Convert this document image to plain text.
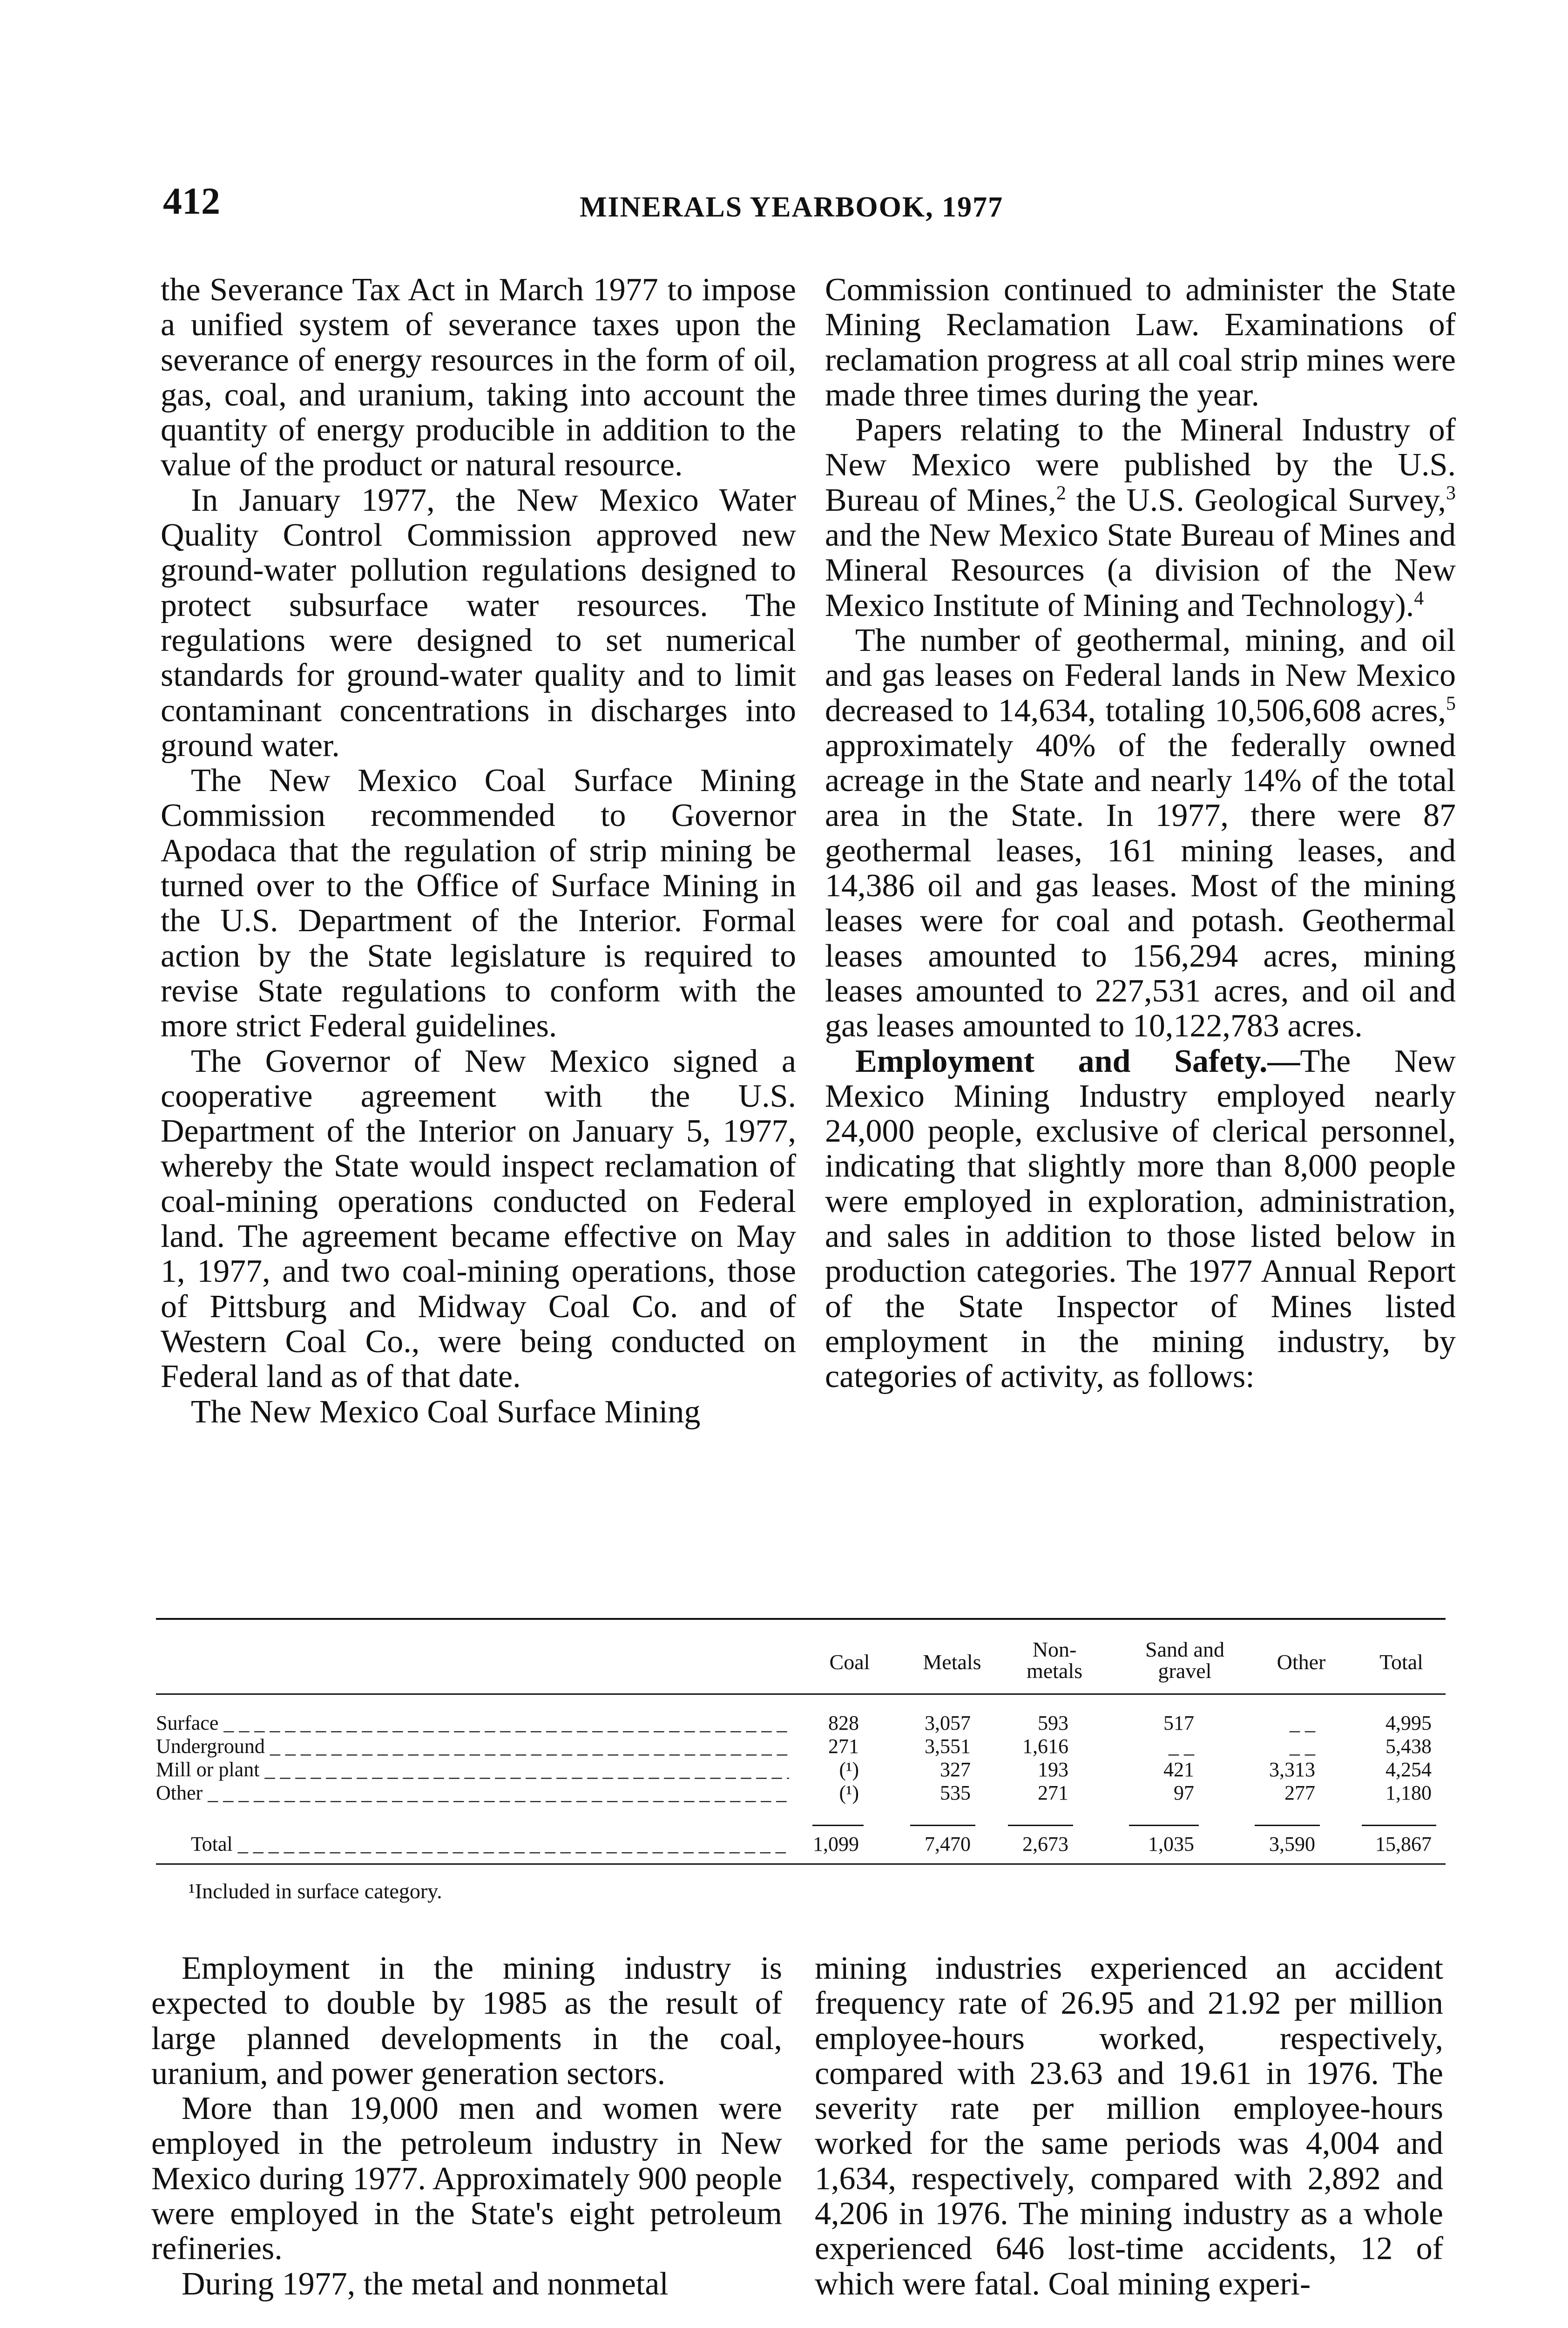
412	MINERALS YEARBOOK, 1977

the Severance Tax Act in March 1977 to impose a unified system of severance taxes upon the severance of energy resources in the form of oil, gas, coal, and uranium, taking into account the quantity of energy producible in addition to the value of the product or natural resource.

In January 1977, the New Mexico Water Quality Control Commission approved new ground-water pollution regulations designed to protect subsurface water resources. The regulations were designed to set numerical standards for ground-water quality and to limit contaminant concentrations in discharges into ground water.

The New Mexico Coal Surface Mining Commission recommended to Governor Apodaca that the regulation of strip mining be turned over to the Office of Surface Mining in the U.S. Department of the Interior. Formal action by the State legislature is required to revise State regulations to conform with the more strict Federal guidelines.

The Governor of New Mexico signed a cooperative agreement with the U.S. Department of the Interior on January 5, 1977, whereby the State would inspect reclamation of coal-mining operations conducted on Federal land. The agreement became effective on May 1, 1977, and two coal-mining operations, those of Pittsburg and Midway Coal Co. and of Western Coal Co., were being conducted on Federal land as of that date.

The New Mexico Coal Surface Mining

Commission continued to administer the State Mining Reclamation Law. Examinations of reclamation progress at all coal strip mines were made three times during the year.

Papers relating to the Mineral Industry of New Mexico were published by the U.S. Bureau of Mines,$^2$ the U.S. Geological Survey,$^3$ and the New Mexico State Bureau of Mines and Mineral Resources (a division of the New Mexico Institute of Mining and Technology).$^4$

The number of geothermal, mining, and oil and gas leases on Federal lands in New Mexico decreased to 14,634, totaling 10,506,608 acres,$^5$ approximately 40% of the federally owned acreage in the State and nearly 14% of the total area in the State. In 1977, there were 87 geothermal leases, 161 mining leases, and 14,386 oil and gas leases. Most of the mining leases were for coal and potash. Geothermal leases amounted to 156,294 acres, mining leases amounted to 227,531 acres, and oil and gas leases amounted to 10,122,783 acres.

Employment and Safety.—The New Mexico Mining Industry employed nearly 24,000 people, exclusive of clerical personnel, indicating that slightly more than 8,000 people were employed in exploration, administration, and sales in addition to those listed below in production categories. The 1977 Annual Report of the State Inspector of Mines listed employment in the mining industry, by categories of activity, as follows:

Coal	Metals
Non-
metals
Sand and
gravel	Other	Total
Surface _ _ _	828	3,057	593	517	_ _	4,995
Underground _ _ _	271	3,551	1,616	_ _	_ _	5,438
Mill or plant _ _ _	(¹)	327	193	421	3,313	4,254
Other _ _ _	(¹)	535	271	97	277	1,180
Total _ _ _	1,099	7,470	2,673	1,035	3,590	15,867
¹Included in surface category.

Employment in the mining industry is expected to double by 1985 as the result of large planned developments in the coal, uranium, and power generation sectors.

More than 19,000 men and women were employed in the petroleum industry in New Mexico during 1977. Approximately 900 people were employed in the State's eight petroleum refineries.

During 1977, the metal and nonmetal

mining industries experienced an accident frequency rate of 26.95 and 21.92 per million employee-hours worked, respectively, compared with 23.63 and 19.61 in 1976. The severity rate per million employee-hours worked for the same periods was 4,004 and 1,634, respectively, compared with 2,892 and 4,206 in 1976. The mining industry as a whole experienced 646 lost-time accidents, 12 of which were fatal. Coal mining experi-
